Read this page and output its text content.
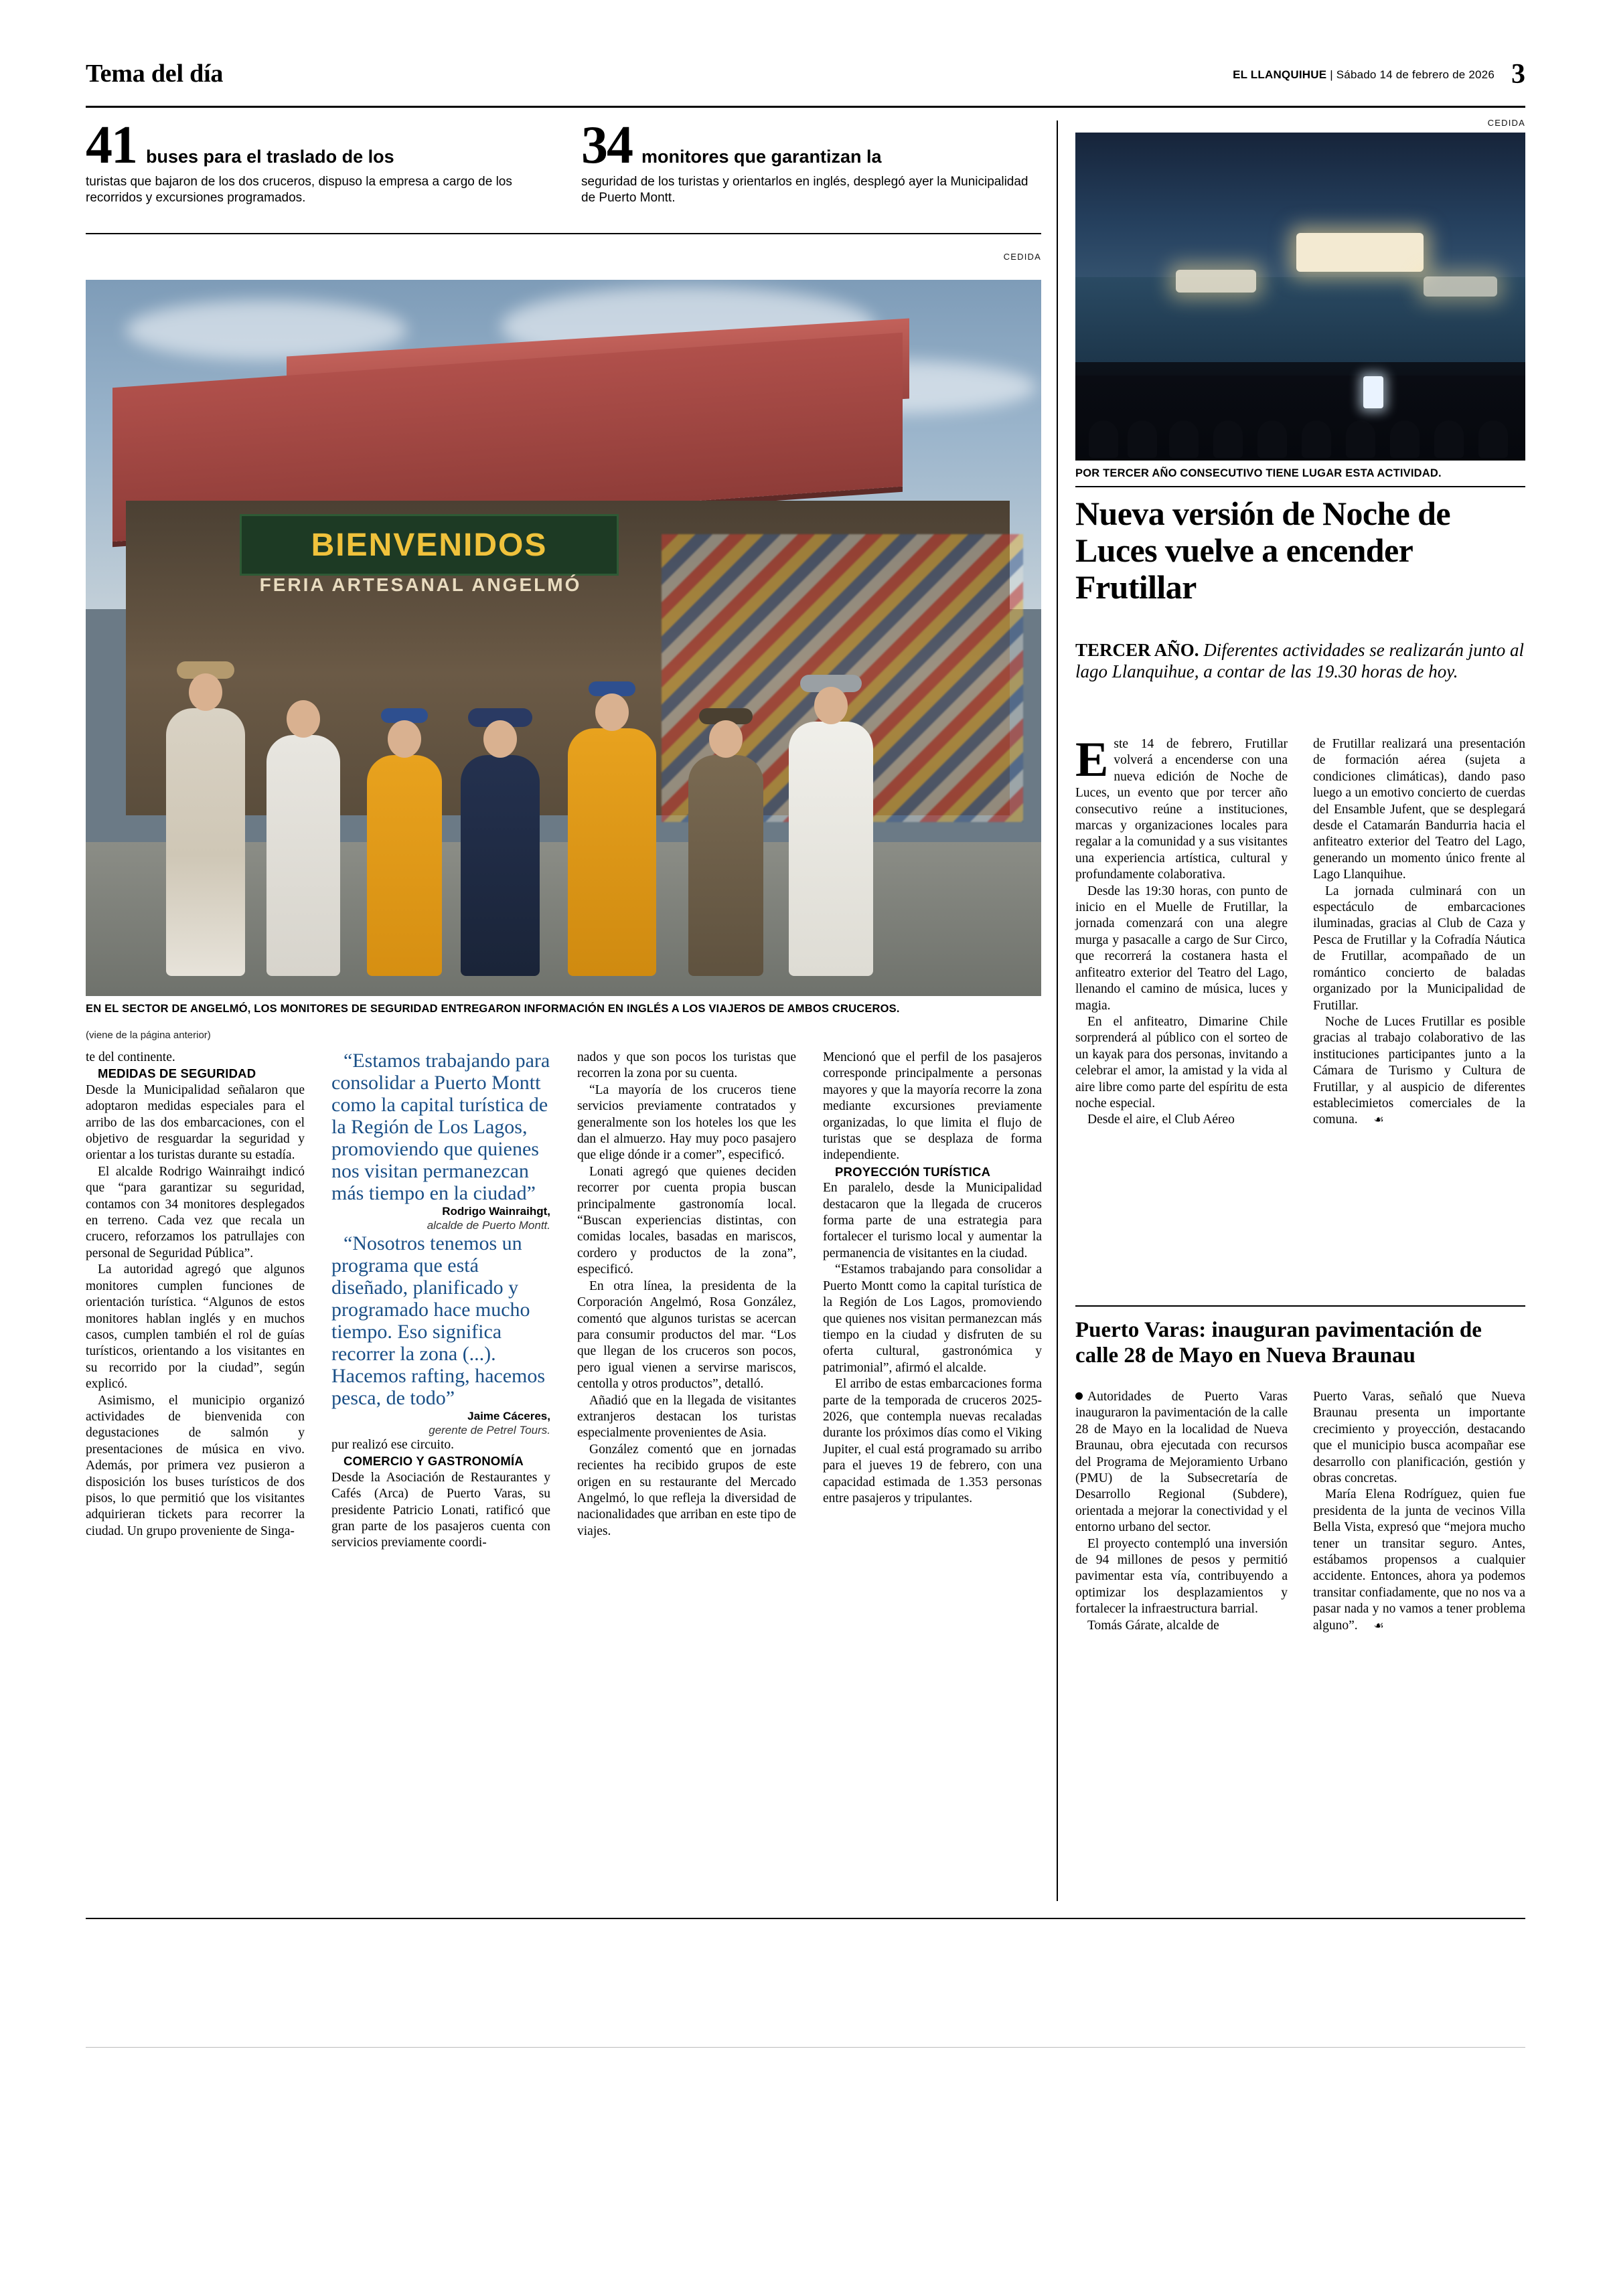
Tema del día	EL LLANQUIHUE | Sábado 14 de febrero de 2026 3
41 buses para el traslado de los
turistas que bajaron de los dos cruceros, dispuso la empresa a cargo de los recorridos y excursiones programados.
34 monitores que garantizan la
seguridad de los turistas y orientarlos en inglés, desplegó ayer la Municipalidad de Puerto Montt.
CEDIDA
BIENVENIDOS
FERIA ARTESANAL ANGELMÓ
EN EL SECTOR DE ANGELMÓ, LOS MONITORES DE SEGURIDAD ENTREGARON INFORMACIÓN EN INGLÉS A LOS VIAJEROS DE AMBOS CRUCEROS.
(viene de la página anterior)

te del continente.

MEDIDAS DE SEGURIDAD

Desde la Municipalidad señalaron que adoptaron medidas especiales para el arribo de las dos embarcaciones, con el objetivo de resguardar la seguridad y orientar a los turistas durante su estadía.

El alcalde Rodrigo Wainraihgt indicó que “para garantizar su seguridad, contamos con 34 monitores desplegados en terreno. Cada vez que recala un crucero, reforzamos los patrullajes con personal de Seguridad Pública”.

La autoridad agregó que algunos monitores cumplen funciones de orientación turística. “Algunos de estos monitores hablan inglés y en muchos casos, cumplen también el rol de guías turísticos, orientando a los visitantes en su recorrido por la ciudad”, según explicó.

Asimismo, el municipio organizó actividades de bienvenida con degustaciones de salmón y presentaciones de música en vivo. Además, por primera vez pusieron a disposición los buses turísticos de dos pisos, lo que permitió que los visitantes adquirieran tickets para recorrer la ciudad. Un grupo proveniente de Singa-

“Estamos trabajando para consolidar a Puerto Montt como la capital turística de la Región de Los Lagos, promoviendo que quienes nos visitan permanezcan más tiempo en la ciudad”

Rodrigo Wainraihgt,
alcalde de Puerto Montt.

“Nosotros tenemos un programa que está diseñado, planificado y programado hace mucho tiempo. Eso significa recorrer la zona (...). Hacemos rafting, hacemos pesca, de todo”

Jaime Cáceres,
gerente de Petrel Tours.

pur realizó ese circuito.

COMERCIO Y GASTRONOMÍA

Desde la Asociación de Restaurantes y Cafés (Arca) de Puerto Varas, su presidente Patricio Lonati, ratificó que gran parte de los pasajeros cuenta con servicios previamente coordi-

nados y que son pocos los turistas que recorren la zona por su cuenta.

“La mayoría de los cruceros tiene servicios previamente contratados y generalmente son los hoteles los que les dan el almuerzo. Hay muy poco pasajero que elige dónde ir a comer”, especificó.

Lonati agregó que quienes deciden recorrer por cuenta propia buscan principalmente gastronomía local. “Buscan experiencias distintas, con comidas locales, basadas en mariscos, cordero y productos de la zona”, especificó.

En otra línea, la presidenta de la Corporación Angelmó, Rosa González, comentó que algunos turistas se acercan para consumir productos del mar. “Los que llegan de los cruceros son pocos, pero igual vienen a servirse mariscos, centolla y otros productos”, detalló.

Añadió que en la llegada de visitantes extranjeros destacan los turistas especialmente provenientes de Asia.

González comentó que en jornadas recientes ha recibido grupos de este origen en su restaurante del Mercado Angelmó, lo que refleja la diversidad de nacionalidades que arriban en este tipo de viajes.

Mencionó que el perfil de los pasajeros corresponde principalmente a personas mayores y que la mayoría recorre la zona mediante excursiones previamente organizadas, lo que limita el flujo de turistas que se desplaza de forma independiente.

PROYECCIÓN TURÍSTICA

En paralelo, desde la Municipalidad destacaron que la llegada de cruceros forma parte de una estrategia para fortalecer el turismo local y aumentar la permanencia de visitantes en la ciudad.

“Estamos trabajando para consolidar a Puerto Montt como la capital turística de la Región de Los Lagos, promoviendo que quienes nos visitan permanezcan más tiempo en la ciudad y disfruten de su oferta cultural, gastronómica y patrimonial”, afirmó el alcalde.

El arribo de estas embarcaciones forma parte de la temporada de cruceros 2025-2026, que contempla nuevas recaladas durante los próximos días como el Viking Jupiter, el cual está programado su arribo para el jueves 19 de febrero, con una capacidad estimada de 1.353 personas entre pasajeros y tripulantes.

CEDIDA
POR TERCER AÑO CONSECUTIVO TIENE LUGAR ESTA ACTIVIDAD.
Nueva versión de Noche de Luces vuelve a encender Frutillar
TERCER AÑO. Diferentes actividades se realizarán junto al lago Llanquihue, a contar de las 19.30 horas de hoy.

Este 14 de febrero, Frutillar volverá a encenderse con una nueva edición de Noche de Luces, un evento que por tercer año consecutivo reúne a instituciones, marcas y organizaciones locales para regalar a la comunidad y a sus visitantes una experiencia artística, cultural y profundamente colaborativa.

Desde las 19:30 horas, con punto de inicio en el Muelle de Frutillar, la jornada comenzará con una alegre murga y pasacalle a cargo de Sur Circo, que recorrerá la costanera hasta el anfiteatro exterior del Teatro del Lago, llenando el camino de música, luces y magia.

En el anfiteatro, Dimarine Chile sorprenderá al público con el sorteo de un kayak para dos personas, invitando a celebrar el amor, la amistad y la vida al aire libre como parte del espíritu de esta noche especial.

Desde el aire, el Club Aéreo

de Frutillar realizará una presentación de formación aérea (sujeta a condiciones climáticas), dando paso luego a un emotivo concierto de cuerdas del Ensamble Jufent, que se desplegará desde el Catamarán Bandurria hacia el anfiteatro exterior del Teatro del Lago, generando un momento único frente al Lago Llanquihue.

La jornada culminará con un espectáculo de embarcaciones iluminadas, gracias al Club de Caza y Pesca de Frutillar y la Cofradía Náutica de Frutillar, acompañado de un romántico concierto de baladas organizado por la Municipalidad de Frutillar.

Noche de Luces Frutillar es posible gracias al trabajo colaborativo de las instituciones participantes junto a la Cámara de Turismo y Cultura de Frutillar, y al auspicio de diferentes establecimietos comerciales de la comuna. ☙

Puerto Varas: inauguran pavimentación de calle 28 de Mayo en Nueva Braunau

Autoridades de Puerto Varas inauguraron la pavimentación de la calle 28 de Mayo en la localidad de Nueva Braunau, obra ejecutada con recursos del Programa de Mejoramiento Urbano (PMU) de la Subsecretaría de Desarrollo Regional (Subdere), orientada a mejorar la conectividad y el entorno urbano del sector.

El proyecto contempló una inversión de 94 millones de pesos y permitió pavimentar esta vía, contribuyendo a optimizar los desplazamientos y fortalecer la infraestructura barrial.

Tomás Gárate, alcalde de

Puerto Varas, señaló que Nueva Braunau presenta un importante crecimiento y proyección, destacando que el municipio busca acompañar ese desarrollo con planificación, gestión y obras concretas.

María Elena Rodríguez, quien fue presidenta de la junta de vecinos Villa Bella Vista, expresó que “mejora mucho tener un transitar seguro. Antes, estábamos propensos a cualquier accidente. Entonces, ahora ya podemos transitar confiadamente, que no nos va a pasar nada y no vamos a tener problema alguno”. ☙
